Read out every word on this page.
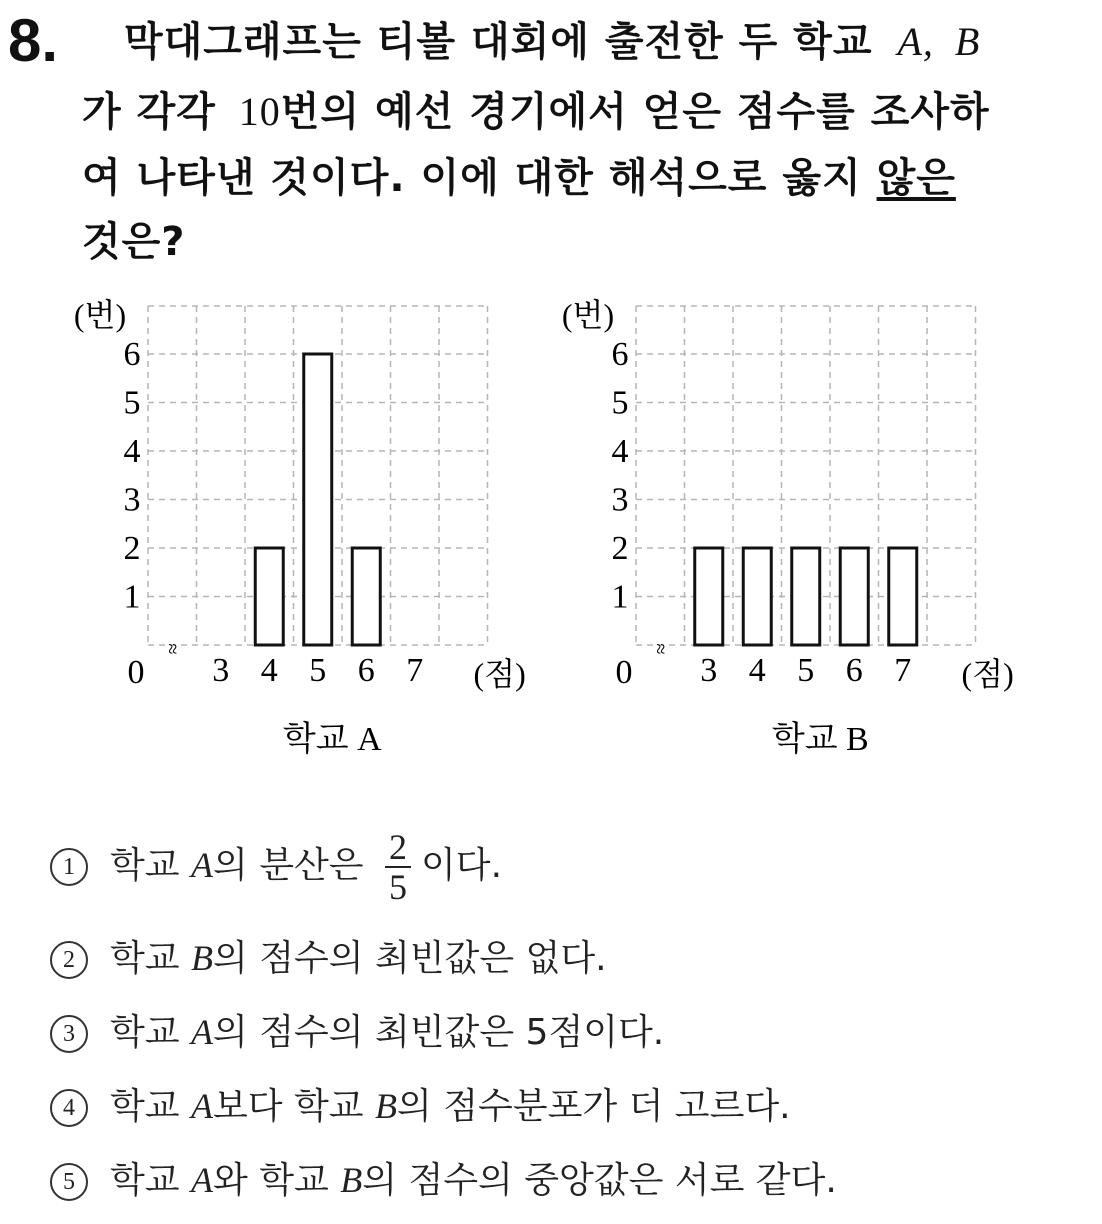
8. 막대그래프는 티볼 대회에 출전한 두 학교 A, B
가 각각 10번의 예선 경기에서 얻은 점수를 조사하
여 나타낸 것이다. 이에 대한 해석으로 옳지 않은
것은?
(번)
1
2
3
4
5
6
0
≈
3 4 5 6 7 (점)
학교 A
(번)
1
2
3
4
5
6
0
≈
3 4 5 6 7 (점)
학교 B
1 학교 A의 분산은 $\frac{2}{5}$ 이다.
2 학교 B의 점수의 최빈값은 없다.
3 학교 A의 점수의 최빈값은 5점이다.
4 학교 A보다 학교 B의 점수분포가 더 고르다.
5 학교 A와 학교 B의 점수의 중앙값은 서로 같다.
